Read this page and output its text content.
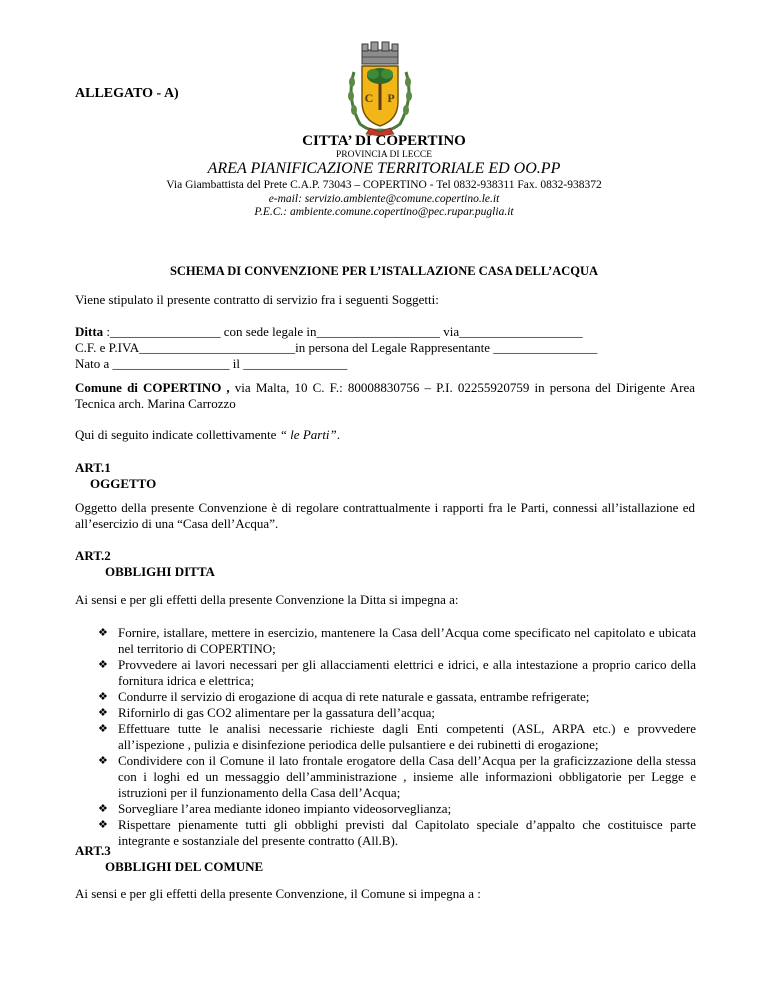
ALLEGATO - A)	C P
CITTA’ DI COPERTINO
PROVINCIA DI LECCE
AREA PIANIFICAZIONE TERRITORIALE ED OO.PP
Via Giambattista del Prete C.A.P. 73043 – COPERTINO - Tel 0832-938311 Fax. 0832-938372
e-mail: servizio.ambiente@comune.copertino.le.it
P.E.C.: ambiente.comune.copertino@pec.rupar.puglia.it
SCHEMA DI CONVENZIONE PER L’ISTALLAZIONE CASA DELL’ACQUA
Viene stipulato il presente contratto di servizio fra i seguenti Soggetti:
Ditta :_________________ con sede legale in___________________ via___________________
C.F. e P.IVA________________________in persona del Legale Rappresentante ________________
Nato a __________________ il ________________
Comune di COPERTINO , via Malta, 10 C. F.: 80008830756 – P.I. 02255920759 in persona del Dirigente Area Tecnica arch. Marina Carrozzo
Qui di seguito indicate collettivamente “ le Parti”.
ART.1
OGGETTO
Oggetto della presente Convenzione è di regolare contrattualmente i rapporti fra le Parti, connessi all’istallazione ed all’esercizio di una “Casa dell’Acqua”.
ART.2
OBBLIGHI DITTA
Ai sensi e per gli effetti della presente Convenzione la Ditta si impegna a:
❖ Fornire, istallare, mettere in esercizio, mantenere la Casa dell’Acqua come specificato nel capitolato e ubicata nel territorio di COPERTINO;
❖ Provvedere ai lavori necessari per gli allacciamenti elettrici e idrici, e alla intestazione a proprio carico della fornitura idrica e elettrica;
❖ Condurre il servizio di erogazione di acqua di rete naturale e gassata, entrambe refrigerate;
❖ Rifornirlo di gas CO2 alimentare per la gassatura dell’acqua;
❖ Effettuare tutte le analisi necessarie richieste dagli Enti competenti (ASL, ARPA etc.) e provvedere all’ispezione , pulizia e disinfezione periodica delle pulsantiere e dei rubinetti di erogazione;
❖ Condividere con il Comune il lato frontale erogatore della Casa dell’Acqua per la graficizzazione della stessa con i loghi ed un messaggio dell’amministrazione , insieme alle informazioni obbligatorie per Legge e istruzioni per il funzionamento della Casa dell’Acqua;
❖ Sorvegliare l’area mediante idoneo impianto videosorveglianza;
❖ Rispettare pienamente tutti gli obblighi previsti dal Capitolato speciale d’appalto che costituisce parte integrante e sostanziale del presente contratto (All.B).
ART.3
OBBLIGHI DEL COMUNE
Ai sensi e per gli effetti della presente Convenzione, il Comune si impegna a :
